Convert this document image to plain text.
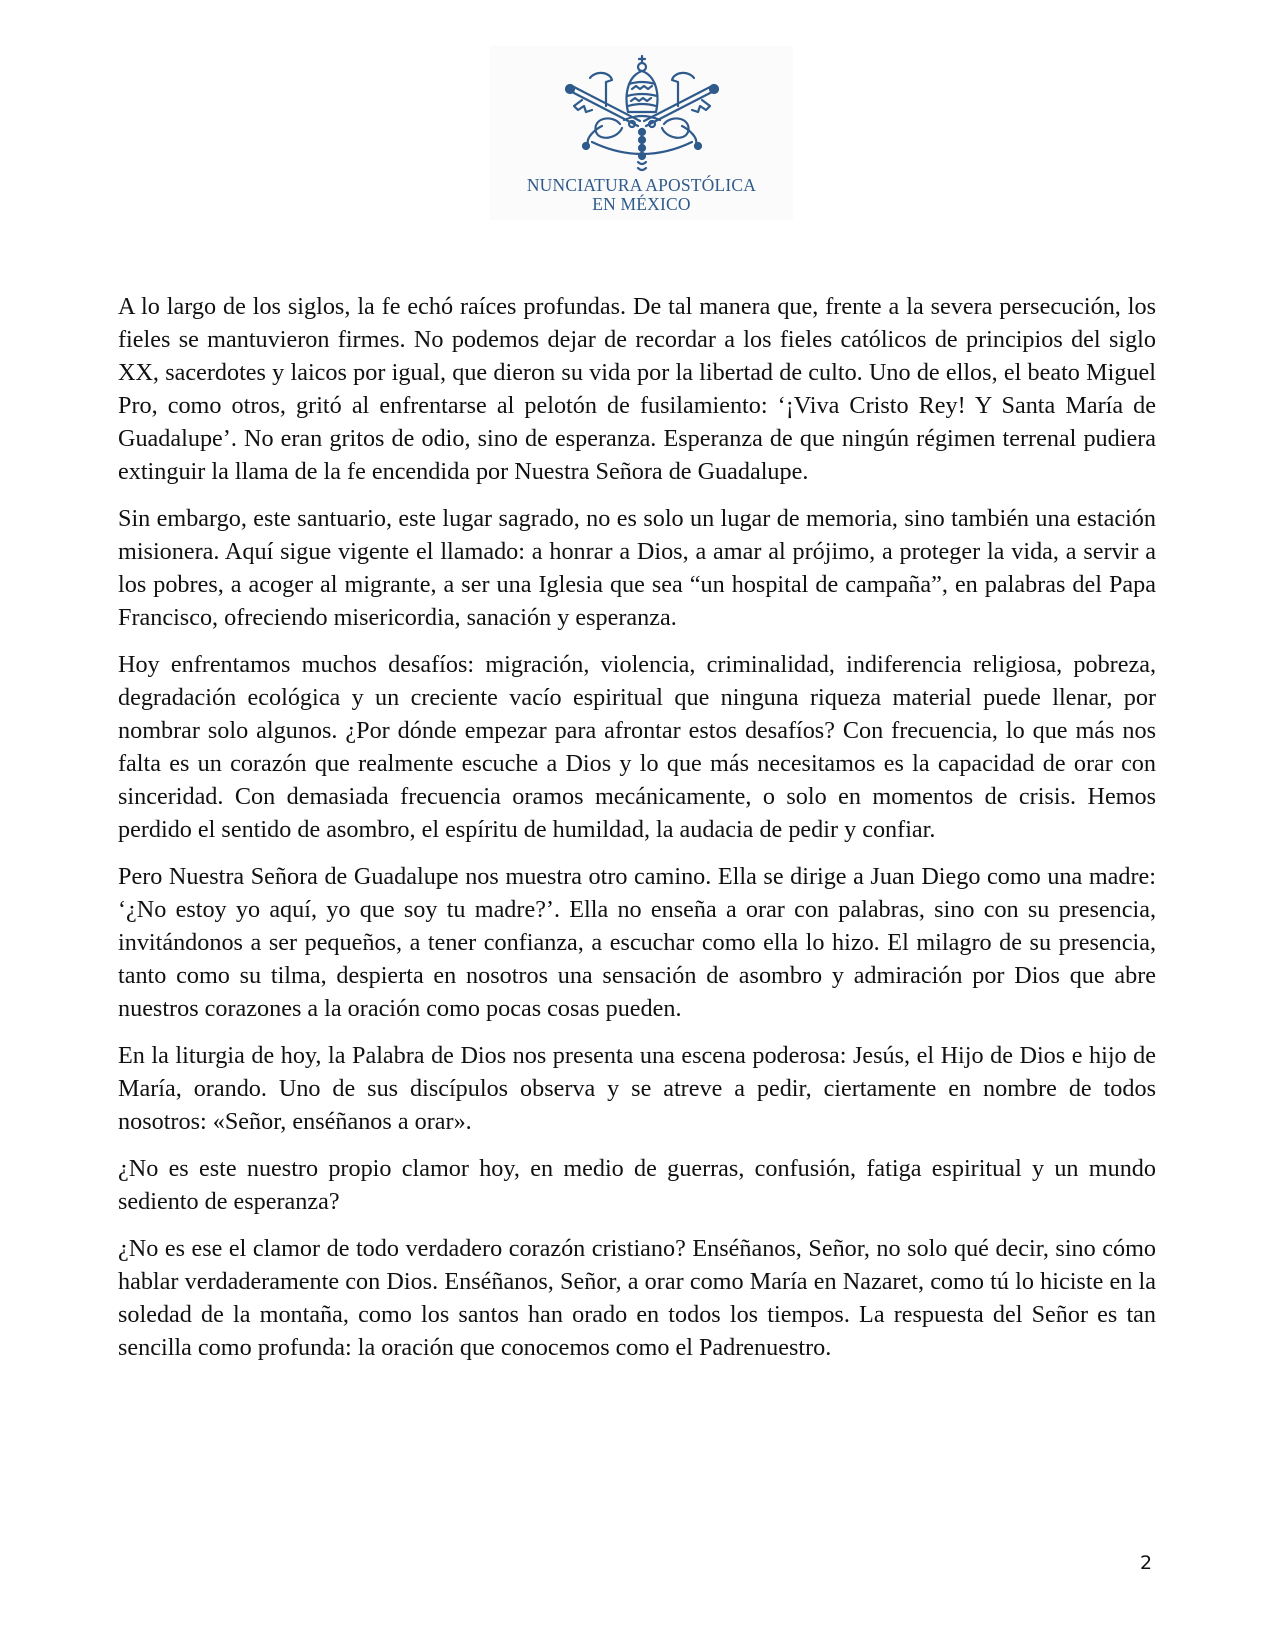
NUNCIATURA APOSTÓLICA
EN MÉXICO

A lo largo de los siglos, la fe echó raíces profundas. De tal manera que, frente a la severa persecución, los fieles se mantuvieron firmes. No podemos dejar de recordar a los fieles católicos de principios del siglo XX, sacerdotes y laicos por igual, que dieron su vida por la libertad de culto. Uno de ellos, el beato Miguel Pro, como otros, gritó al enfrentarse al pelotón de fusilamiento: ‘¡Viva Cristo Rey! Y Santa María de Guadalupe’. No eran gritos de odio, sino de esperanza. Esperanza de que ningún régimen terrenal pudiera extinguir la llama de la fe encendida por Nuestra Señora de Guadalupe.

Sin embargo, este santuario, este lugar sagrado, no es solo un lugar de memoria, sino también una estación misionera. Aquí sigue vigente el llamado: a honrar a Dios, a amar al prójimo, a proteger la vida, a servir a los pobres, a acoger al migrante, a ser una Iglesia que sea “un hospital de campaña”, en palabras del Papa Francisco, ofreciendo misericordia, sanación y esperanza.

Hoy enfrentamos muchos desafíos: migración, violencia, criminalidad, indiferencia religiosa, pobreza, degradación ecológica y un creciente vacío espiritual que ninguna riqueza material puede llenar, por nombrar solo algunos. ¿Por dónde empezar para afrontar estos desafíos? Con frecuencia, lo que más nos falta es un corazón que realmente escuche a Dios y lo que más necesitamos es la capacidad de orar con sinceridad. Con demasiada frecuencia oramos mecánicamente, o solo en momentos de crisis. Hemos perdido el sentido de asombro, el espíritu de humildad, la audacia de pedir y confiar.

Pero Nuestra Señora de Guadalupe nos muestra otro camino. Ella se dirige a Juan Diego como una madre: ‘¿No estoy yo aquí, yo que soy tu madre?’. Ella no enseña a orar con palabras, sino con su presencia, invitándonos a ser pequeños, a tener confianza, a escuchar como ella lo hizo. El milagro de su presencia, tanto como su tilma, despierta en nosotros una sensación de asombro y admiración por Dios que abre nuestros corazones a la oración como pocas cosas pueden.

En la liturgia de hoy, la Palabra de Dios nos presenta una escena poderosa: Jesús, el Hijo de Dios e hijo de María, orando. Uno de sus discípulos observa y se atreve a pedir, ciertamente en nombre de todos nosotros: «Señor, enséñanos a orar».

¿No es este nuestro propio clamor hoy, en medio de guerras, confusión, fatiga espiritual y un mundo sediento de esperanza?

¿No es ese el clamor de todo verdadero corazón cristiano? Enséñanos, Señor, no solo qué decir, sino cómo hablar verdaderamente con Dios. Enséñanos, Señor, a orar como María en Nazaret, como tú lo hiciste en la soledad de la montaña, como los santos han orado en todos los tiempos. La respuesta del Señor es tan sencilla como profunda: la oración que conocemos como el Padrenuestro.

2
